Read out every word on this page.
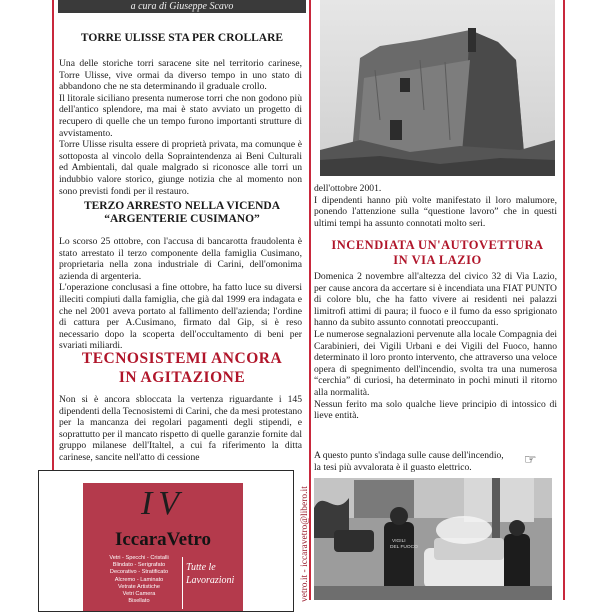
a cura di Giuseppe Scavo
TORRE ULISSE STA PER CROLLARE

Una delle storiche torri saracene site nel territorio carinese, Torre Ulisse, vive ormai da diverso tempo in uno stato di abbandono che ne sta determinando il graduale crollo.

Il litorale siciliano presenta numerose torri che non godono più dell'antico splendore, ma mai è stato avviato un progetto di recupero di quelle che un tempo furono importanti strutture di avvistamento.

Torre Ulisse risulta essere di proprietà privata, ma comunque è sottoposta al vincolo della Sopraintendenza ai Beni Culturali ed Ambientali, dal quale malgrado si riconosce alle torri un indubbio valore storico, giunge notizia che al momento non sono previsti fondi per il restauro.

TERZO ARRESTO NELLA VICENDA
“ARGENTERIE CUSIMANO”

Lo scorso 25 ottobre, con l'accusa di bancarotta fraudolenta è stato arrestato il terzo componente della famiglia Cusimano, proprietaria nella zona industriale di Carini, dell'omonima azienda di argenteria.

L'operazione conclusasi a fine ottobre, ha fatto luce su diversi illeciti compiuti dalla famiglia, che già dal 1999 era indagata e che nel 2001 aveva portato al fallimento dell'azienda; l'ordine di cattura per A.Cusimano, firmato dal Gip, si è reso necessario dopo la scoperta dell'occultamento di beni per svariati miliardi.

TECNOSISTEMI ANCORA
IN AGITAZIONE

Non si è ancora sbloccata la vertenza riguardante i 145 dipendenti della Tecnosistemi di Carini, che da mesi protestano per la mancanza dei regolari pagamenti degli stipendi, e soprattutto per il mancato rispetto di quelle garanzie fornite dal gruppo milanese dell'Italtel, a cui fa riferimento la ditta carinese, sancite nell'atto di cessione

IV
IccaraVetro
Vetri - Specchi - Cristalli
Blindato - Serigrafato
Decorativo - Stratificato
Alcremo - Laminato
Vetrate Artistiche
Vetri Camera
Bisellato
Tutte le
Lavorazioni	vetro.it - iccaravetro@libero.it

dell'ottobre 2001.

I dipendenti hanno più volte manifestato il loro malumore, ponendo l'attenzione sulla “questione lavoro” che in questi ultimi tempi ha assunto connotati molto seri.

INCENDIATA UN'AUTOVETTURA
IN VIA LAZIO

Domenica 2 novembre all'altezza del civico 32 di Via Lazio, per cause ancora da accertare si è incendiata una FIAT PUNTO di colore blu, che ha fatto vivere ai residenti nei palazzi limitrofi attimi di paura; il fuoco e il fumo da esso sprigionato hanno da subito assunto connotati preoccupanti.

Le numerose segnalazioni pervenute alla locale Compagnia dei Carabinieri, dei Vigili Urbani e dei Vigili del Fuoco, hanno determinato il loro pronto intervento, che attraverso una veloce opera di spegnimento dell'incendio, svolta tra una numerosa “cerchia” di curiosi, ha determinato in pochi minuti il ritorno alla normalità.

Nessun ferito ma solo qualche lieve principio di intossico di lieve entità.

A questo punto s'indaga sulle cause dell'incendio,
la tesi più avvalorata è il guasto elettrico.	☞
VIGILI
DEL FUOCO
